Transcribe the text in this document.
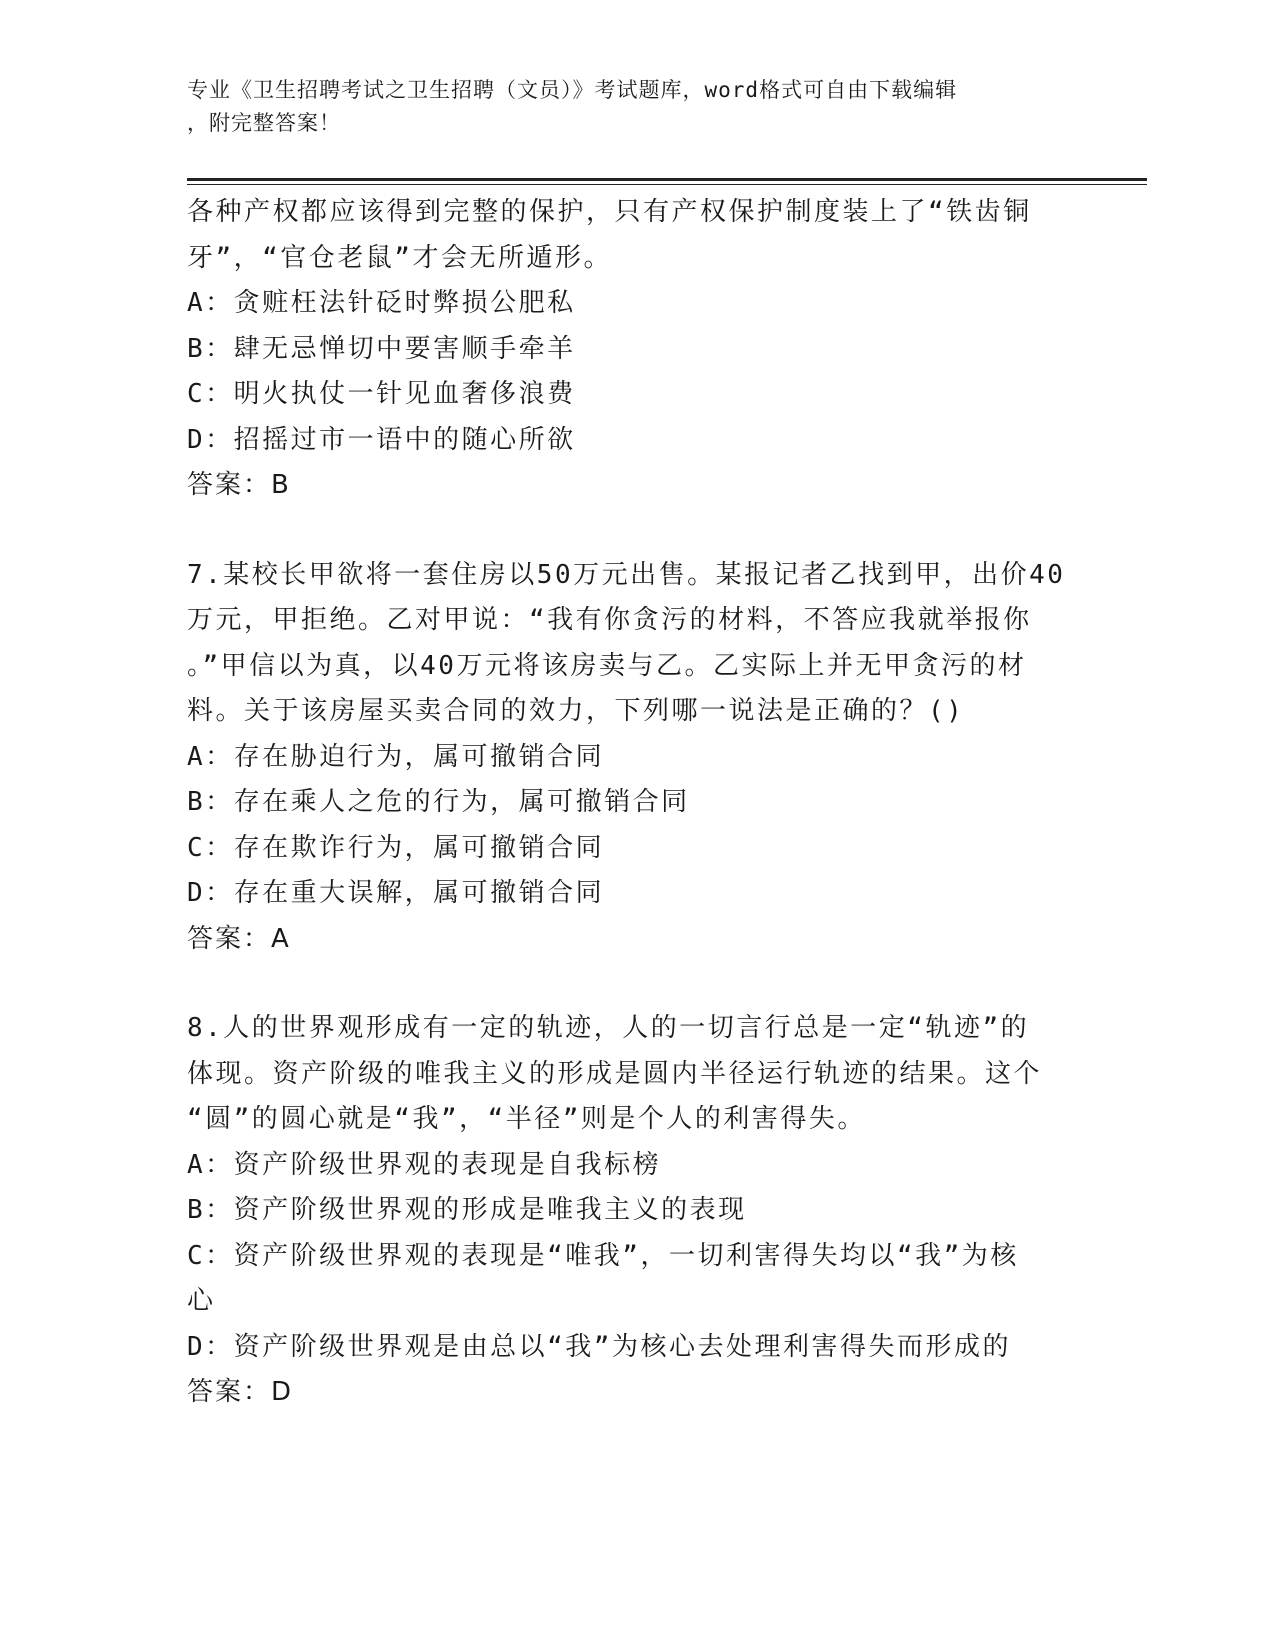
专业《卫生招聘考试之卫生招聘（文员）》考试题库，word格式可自由下载编辑
，附完整答案！
各种产权都应该得到完整的保护，只有产权保护制度装上了“铁齿铜
牙”，“官仓老鼠”才会无所遁形。
A：贪赃枉法针砭时弊损公肥私
B：肆无忌惮切中要害顺手牵羊
C：明火执仗一针见血奢侈浪费
D：招摇过市一语中的随心所欲
答案：B
7.某校长甲欲将一套住房以50万元出售。某报记者乙找到甲，出价40
万元，甲拒绝。乙对甲说：“我有你贪污的材料，不答应我就举报你
。”甲信以为真，以40万元将该房卖与乙。乙实际上并无甲贪污的材
料。关于该房屋买卖合同的效力，下列哪一说法是正确的？()
A：存在胁迫行为，属可撤销合同
B：存在乘人之危的行为，属可撤销合同
C：存在欺诈行为，属可撤销合同
D：存在重大误解，属可撤销合同
答案：A
8.人的世界观形成有一定的轨迹，人的一切言行总是一定“轨迹”的
体现。资产阶级的唯我主义的形成是圆内半径运行轨迹的结果。这个
“圆”的圆心就是“我”，“半径”则是个人的利害得失。
A：资产阶级世界观的表现是自我标榜
B：资产阶级世界观的形成是唯我主义的表现
C：资产阶级世界观的表现是“唯我”，一切利害得失均以“我”为核
心
D：资产阶级世界观是由总以“我”为核心去处理利害得失而形成的
答案：D
